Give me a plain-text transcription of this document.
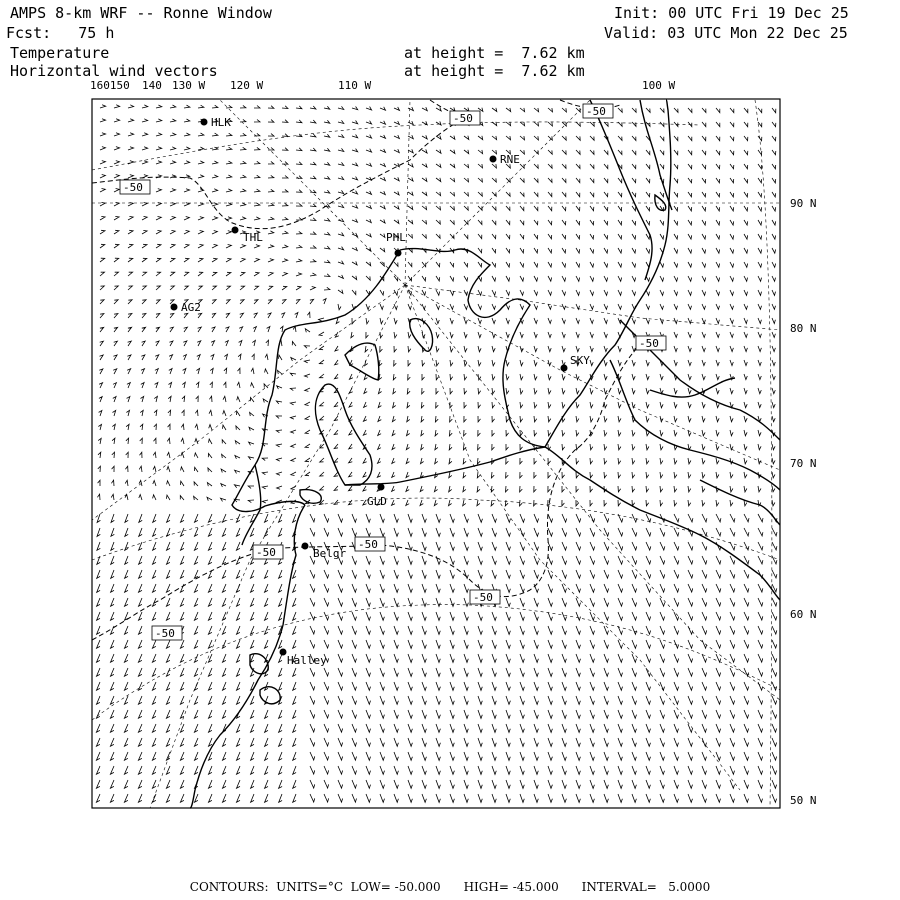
AMPS 8-km WRF -- Ronne Window
Fcst:   75 h
Init: 00 UTC Fri 19 Dec 25
Valid: 03 UTC Mon 22 Dec 25
Temperature
Horizontal wind vectors
at height =  7.62 km
at height =  7.62 km
160150 140 130 W 120 W	110 W	100 W
90 N
80 N
70 N
60 N
50 N
HLK
RNE
THL	PHL
AG2
SKY
GLD
Belgr
Halley
-50
-50
-50
-50
-50
-50
-50
-50
CONTOURS:  UNITS=°C  LOW= -50.000      HIGH= -45.000      INTERVAL=   5.0000
